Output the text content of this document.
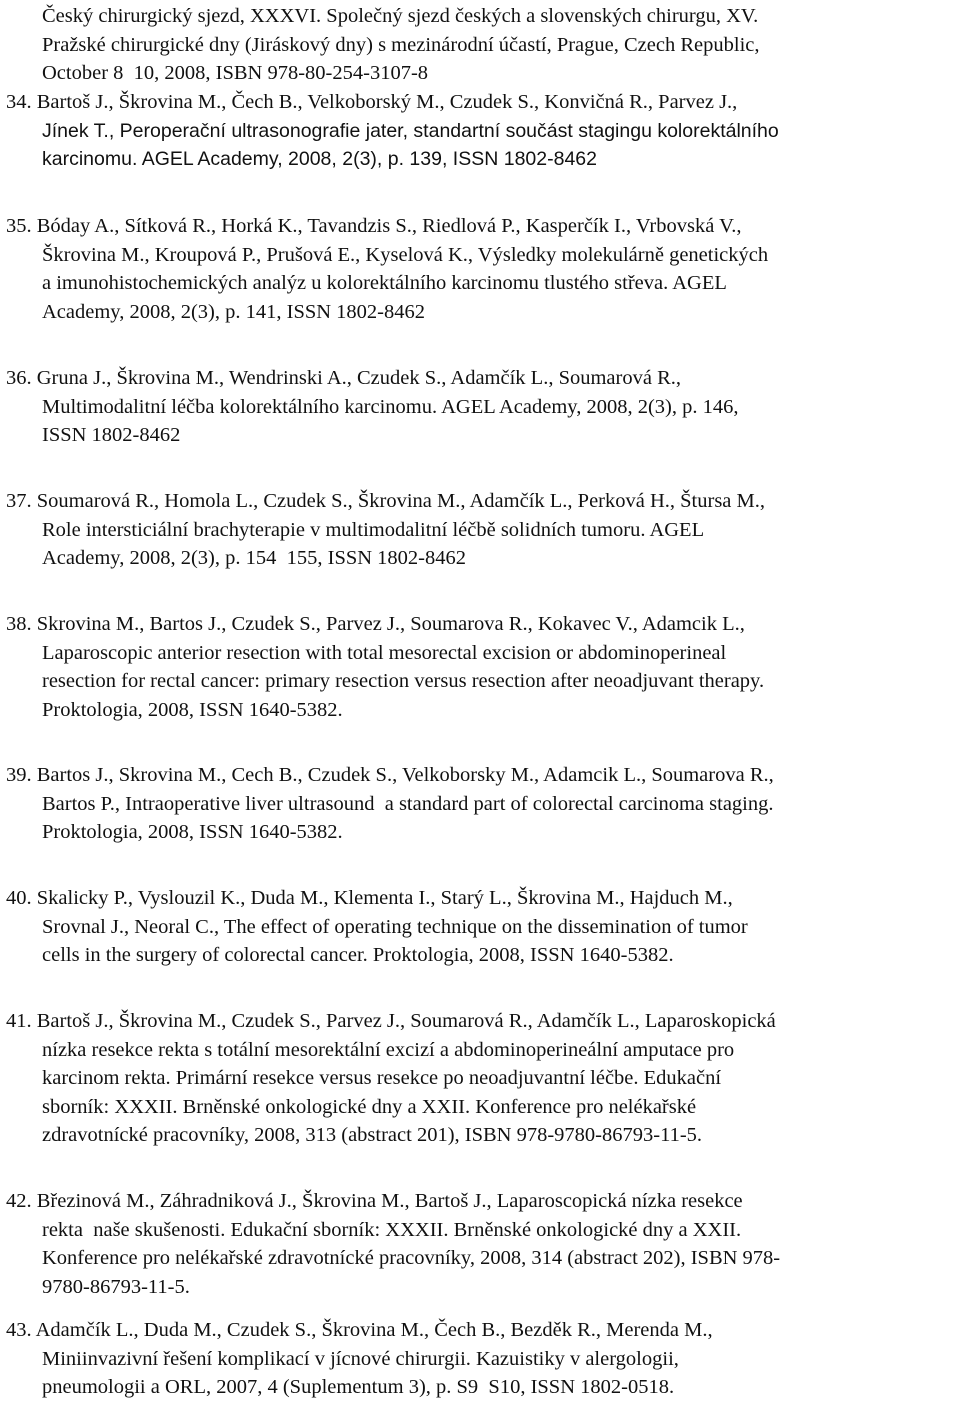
Český chirurgický sjezd, XXXVI. Společný sjezd českých a slovenských chirurgu, XV.
Pražské chirurgické dny (Jiráskový dny) s mezinárodní účastí, Prague, Czech Republic,
October 8  10, 2008, ISBN 978-80-254-3107-8
34. Bartoš J., Škrovina M., Čech B., Velkoborský M., Czudek S., Konvičná R., Parvez J.,
Jínek T., Peroperační ultrasonografie jater, standartní součást stagingu kolorektálního
karcinomu. AGEL Academy, 2008, 2(3), p. 139, ISSN 1802-8462
35. Bóday A., Sítková R., Horká K., Tavandzis S., Riedlová P., Kasperčík I., Vrbovská V.,
Škrovina M., Kroupová P., Prušová E., Kyselová K., Výsledky molekulárně genetických
a imunohistochemických analýz u kolorektálního karcinomu tlustého střeva. AGEL
Academy, 2008, 2(3), p. 141, ISSN 1802-8462
36. Gruna J., Škrovina M., Wendrinski A., Czudek S., Adamčík L., Soumarová R.,
Multimodalitní léčba kolorektálního karcinomu. AGEL Academy, 2008, 2(3), p. 146,
ISSN 1802-8462
37. Soumarová R., Homola L., Czudek S., Škrovina M., Adamčík L., Perková H., Štursa M.,
Role intersticiální brachyterapie v multimodalitní léčbě solidních tumoru. AGEL
Academy, 2008, 2(3), p. 154  155, ISSN 1802-8462
38. Skrovina M., Bartos J., Czudek S., Parvez J., Soumarova R., Kokavec V., Adamcik L.,
Laparoscopic anterior resection with total mesorectal excision or abdominoperineal
resection for rectal cancer: primary resection versus resection after neoadjuvant therapy.
Proktologia, 2008, ISSN 1640-5382.
39. Bartos J., Skrovina M., Cech B., Czudek S., Velkoborsky M., Adamcik L., Soumarova R.,
Bartos P., Intraoperative liver ultrasound  a standard part of colorectal carcinoma staging.
Proktologia, 2008, ISSN 1640-5382.
40. Skalicky P., Vyslouzil K., Duda M., Klementa I., Starý L., Škrovina M., Hajduch M.,
Srovnal J., Neoral C., The effect of operating technique on the dissemination of tumor
cells in the surgery of colorectal cancer. Proktologia, 2008, ISSN 1640-5382.
41. Bartoš J., Škrovina M., Czudek S., Parvez J., Soumarová R., Adamčík L., Laparoskopická
nízka resekce rekta s totální mesorektální excizí a abdominoperineální amputace pro
karcinom rekta. Primární resekce versus resekce po neoadjuvantní léčbe. Edukační
sborník: XXXII. Brněnské onkologické dny a XXII. Konference pro nelékařské
zdravotnícké pracovníky, 2008, 313 (abstract 201), ISBN 978-9780-86793-11-5.
42. Březinová M., Záhradniková J., Škrovina M., Bartoš J., Laparoscopická nízka resekce
rekta  naše skušenosti. Edukační sborník: XXXII. Brněnské onkologické dny a XXII.
Konference pro nelékařské zdravotnícké pracovníky, 2008, 314 (abstract 202), ISBN 978-
9780-86793-11-5.
43. Adamčík L., Duda M., Czudek S., Škrovina M., Čech B., Bezděk R., Merenda M.,
Miniinvazivní řešení komplikací v jícnové chirurgii. Kazuistiky v alergologii,
pneumologii a ORL, 2007, 4 (Suplementum 3), p. S9  S10, ISSN 1802-0518.
